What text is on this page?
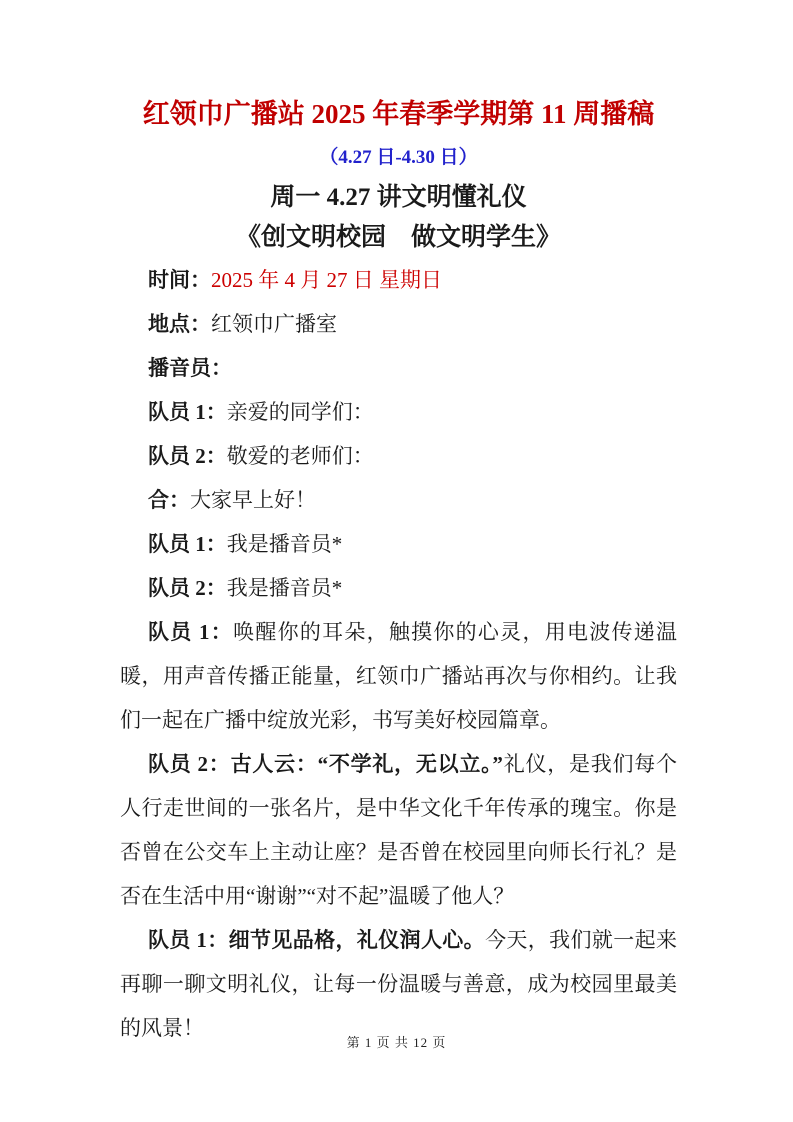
红领巾广播站 2025 年春季学期第 11 周播稿
（4.27 日-4.30 日）
周一 4.27 讲文明懂礼仪
《创文明校园　做文明学生》

时间：2025 年 4 月 27 日 星期日

地点：红领巾广播室

播音员：

队员 1：亲爱的同学们：

队员 2：敬爱的老师们：

合：大家早上好！

队员 1：我是播音员*

队员 2：我是播音员*

队员 1：唤醒你的耳朵，触摸你的心灵，用电波传递温暖，用声音传播正能量，红领巾广播站再次与你相约。让我们一起在广播中绽放光彩，书写美好校园篇章。

队员 2：古人云：“不学礼，无以立。”礼仪，是我们每个人行走世间的一张名片，是中华文化千年传承的瑰宝。你是否曾在公交车上主动让座？是否曾在校园里向师长行礼？是否在生活中用“谢谢”“对不起”温暖了他人？

队员 1：细节见品格，礼仪润人心。今天，我们就一起来再聊一聊文明礼仪，让每一份温暖与善意，成为校园里最美的风景！

第 1 页 共 12 页
